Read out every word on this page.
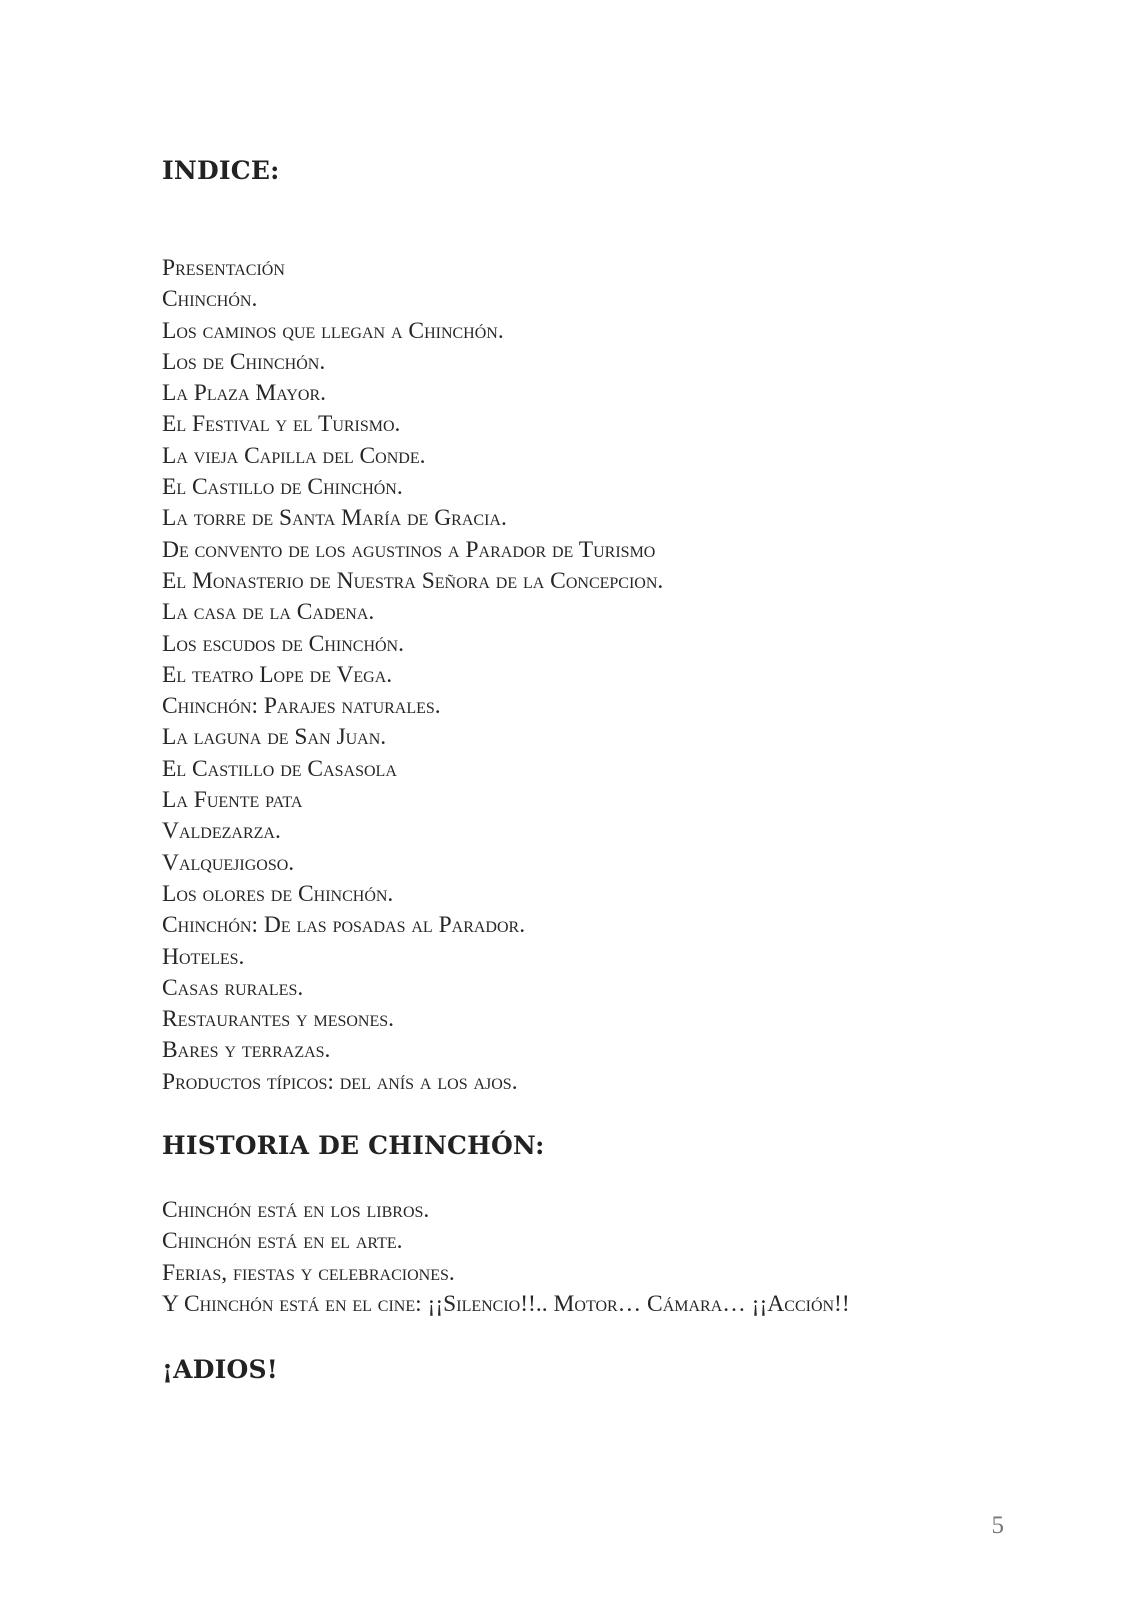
INDICE:
Presentación
Chinchón.
Los caminos que llegan a Chinchón.
Los de Chinchón.
La Plaza Mayor.
El Festival y el Turismo.
La vieja Capilla del Conde.
El Castillo de Chinchón.
La torre de Santa María de Gracia.
De convento de los agustinos a Parador de Turismo
El Monasterio de Nuestra Señora de la Concepcion.
La casa de la Cadena.
Los escudos de Chinchón.
El teatro Lope de Vega.
Chinchón: Parajes naturales.
La laguna de San Juan.
El Castillo de Casasola
La Fuente pata
Valdezarza.
Valquejigoso.
Los olores de Chinchón.
Chinchón: De las posadas al Parador.
Hoteles.
Casas rurales.
Restaurantes y mesones.
Bares y terrazas.
Productos típicos: del anís a los ajos.
HISTORIA DE CHINCHÓN:
Chinchón está en los libros.
Chinchón está en el arte.
Ferias, fiestas y celebraciones.
Y Chinchón está en el cine: ¡¡Silencio!!.. Motor… Cámara… ¡¡Acción!!
¡ADIOS!
5
